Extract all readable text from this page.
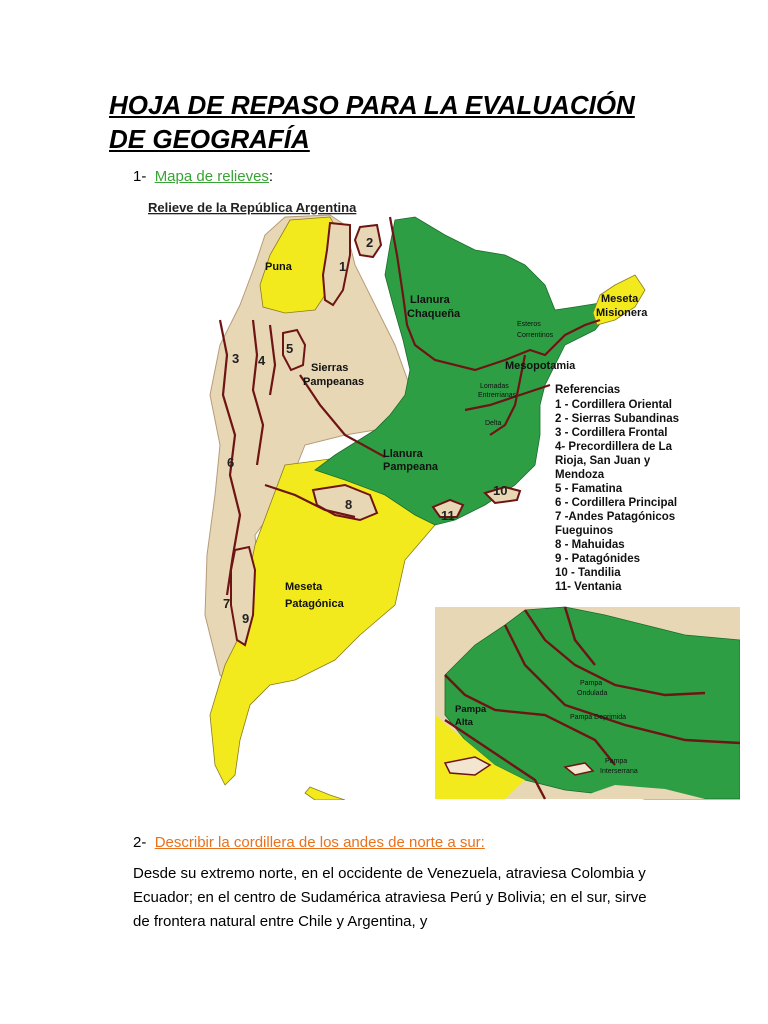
HOJA DE REPASO PARA LA EVALUACIÓN DE GEOGRAFÍA
1- Mapa de relieves:
Relieve de la República Argentina
Puna
Llanura
Chaqueña
Meseta
Misionera
Mesopotamia
Sierras
Pampeanas
Llanura
Pampeana
Meseta
Patagónica
Esteros
Correntinos
Lomadas
Entrerrianas
Delta
1
2
3 4
5
6
7
8
9
10
11
Referencias
1 - Cordillera Oriental
2 - Sierras Subandinas
3 - Cordillera Frontal
4- Precordillera de La
Rioja, San Juan y
Mendoza
5 - Famatina
6 - Cordillera Principal
7 -Andes Patagónicos
Fueguinos
8 - Mahuidas
9 - Patagónides
10 - Tandilia
11- Ventania
Pampa
Alta
Pampa
Ondulada
Pampa Deprimida
Pampa
Interserrana
2- Describir la cordillera de los andes de norte a sur:
Desde su extremo norte, en el occidente de Venezuela, atraviesa Colombia y Ecuador; en el centro de Sudamérica atraviesa Perú y Bolivia; en el sur, sirve de frontera natural entre Chile y Argentina, y
